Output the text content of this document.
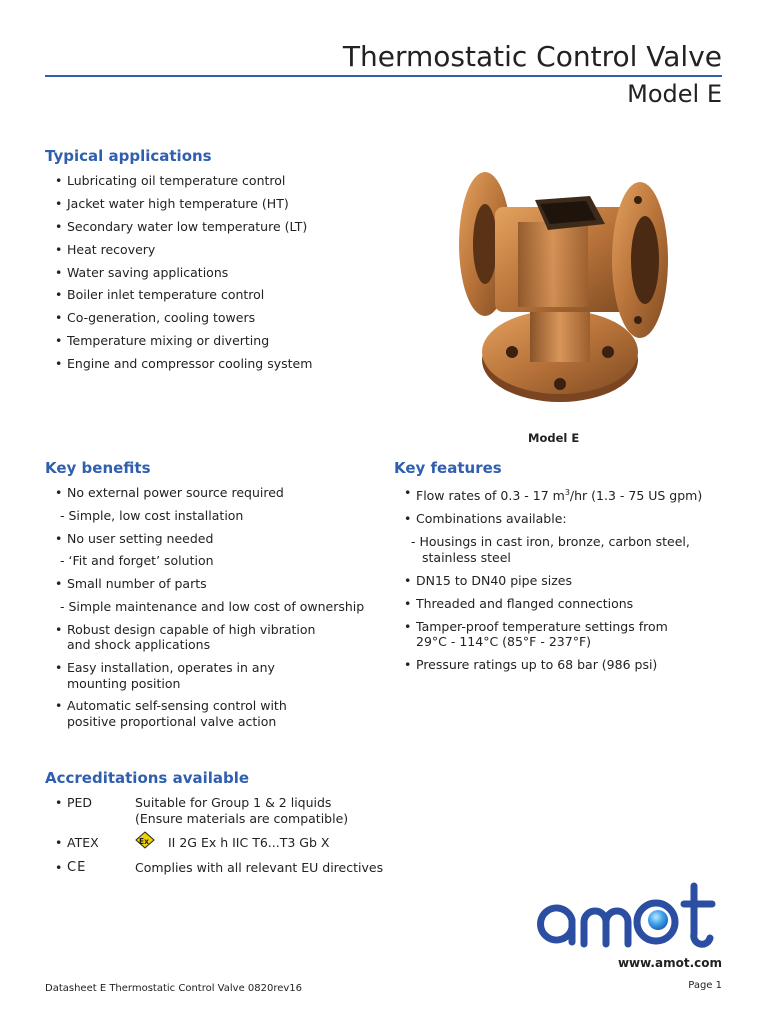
Thermostatic Control Valve
Model E
Typical applications
• Lubricating oil temperature control
• Jacket water high temperature (HT)
• Secondary water low temperature (LT)
• Heat recovery
• Water saving applications
• Boiler inlet temperature control
• Co-generation, cooling towers
• Temperature mixing or diverting
• Engine and compressor cooling system
Model E
Key benefits
• No external power source required
- Simple, low cost installation
• No user setting needed
- ‘Fit and forget’ solution
• Small number of parts
- Simple maintenance and low cost of ownership
• Robust design capable of high vibration and shock applications
• Easy installation, operates in any mounting position
• Automatic self-sensing control with positive proportional valve action
Key features
• Flow rates of 0.3 - 17 $m^3/hr$ (1.3 - 75 US gpm)
• Combinations available:
- Housings in cast iron, bronze, carbon steel, stainless steel
• DN15 to DN40 pipe sizes
• Threaded and flanged connections
• Tamper-proof temperature settings from 29°C - 114°C (85°F - 237°F)
• Pressure ratings up to 68 bar (986 psi)
Accreditations available
• PED	Suitable for Group 1 & 2 liquids
(Ensure materials are compatible)
• ATEX	Ex II 2G Ex h IIC T6...T3 Gb X
• CE	Complies with all relevant EU directives
www.amot.com
Datasheet E Thermostatic Control Valve 0820rev16	Page 1
